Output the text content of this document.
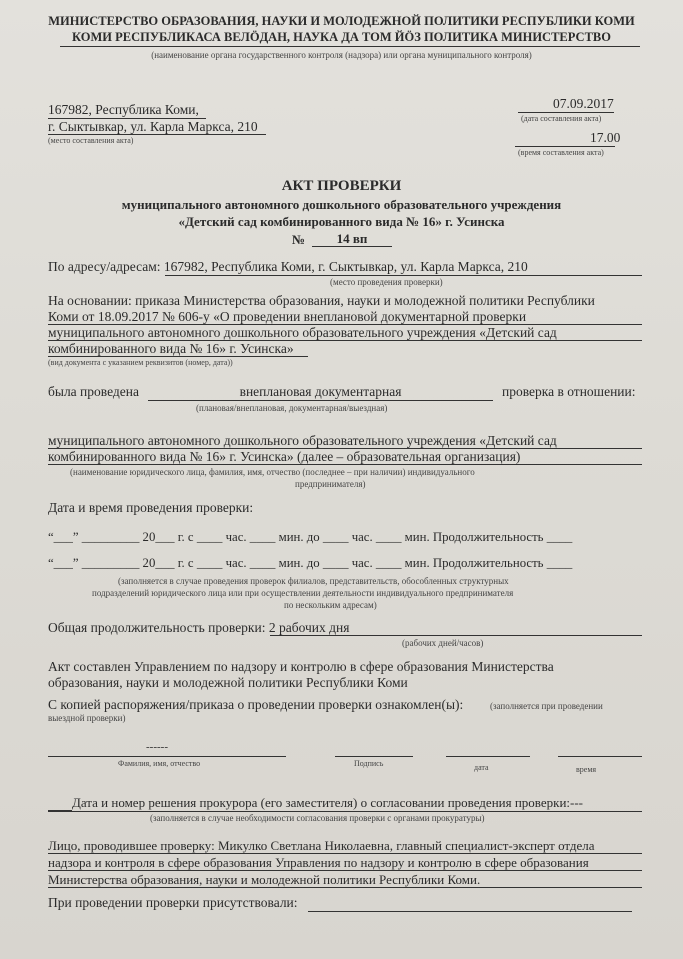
МИНИСТЕРСТВО ОБРАЗОВАНИЯ, НАУКИ И МОЛОДЕЖНОЙ ПОЛИТИКИ РЕСПУБЛИКИ КОМИ
КОМИ РЕСПУБЛИКАСА ВЕЛÖДАН, НАУКА ДА ТОМ ЙÖЗ ПОЛИТИКА МИНИСТЕРСТВО
(наименование органа государственного контроля (надзора) или органа муниципального контроля)
167982, Республика Коми,
г. Сыктывкар, ул. Карла Маркса, 210
(место составления акта)
07.09.2017
(дата составления акта)
17.00
(время составления акта)
АКТ ПРОВЕРКИ
муниципального автономного дошкольного образовательного учреждения
«Детский сад комбинированного вида № 16» г. Усинска
№	14 вп
По адресу/адресам: 167982, Республика Коми, г. Сыктывкар, ул. Карла Маркса, 210
(место проведения проверки)
На основании: приказа Министерства образования, науки и молодежной политики Республики
Коми от 18.09.2017 № 606-у «О проведении внеплановой документарной проверки
муниципального автономного дошкольного образовательного учреждения «Детский сад
комбинированного вида № 16» г. Усинска»
(вид документа с указанием реквизитов (номер, дата))
была проведена	внеплановая документарная	проверка в отношении:
(плановая/внеплановая, документарная/выездная)
муниципального автономного дошкольного образовательного учреждения «Детский сад
комбинированного вида № 16» г. Усинска» (далее – образовательная организация)
(наименование юридического лица, фамилия, имя, отчество (последнее – при наличии) индивидуального
предпринимателя)
Дата и время проведения проверки:
“___” _________ 20___ г. с ____ час. ____ мин. до ____ час. ____ мин. Продолжительность ____
“___” _________ 20___ г. с ____ час. ____ мин. до ____ час. ____ мин. Продолжительность ____
(заполняется в случае проведения проверок филиалов, представительств, обособленных структурных
подразделений юридического лица или при осуществлении деятельности индивидуального предпринимателя
по нескольким адресам)
Общая продолжительность проверки: 2 рабочих дня
(рабочих дней/часов)
Акт составлен Управлением по надзору и контролю в сфере образования Министерства
образования, науки и молодежной политики Республики Коми
С копией распоряжения/приказа о проведении проверки ознакомлен(ы):	(заполняется при проведении
выездной проверки)
------
Фамилия, имя, отчество	Подпись	дата	время
Дата и номер решения прокурора (его заместителя) о согласовании проведения проверки:---
(заполняется в случае необходимости согласования проверки с органами прокуратуры)
Лицо, проводившее проверку: Микулко Светлана Николаевна, главный специалист-эксперт отдела
надзора и контроля в сфере образования Управления по надзору и контролю в сфере образования
Министерства образования, науки и молодежной политики Республики Коми.
При проведении проверки присутствовали:
